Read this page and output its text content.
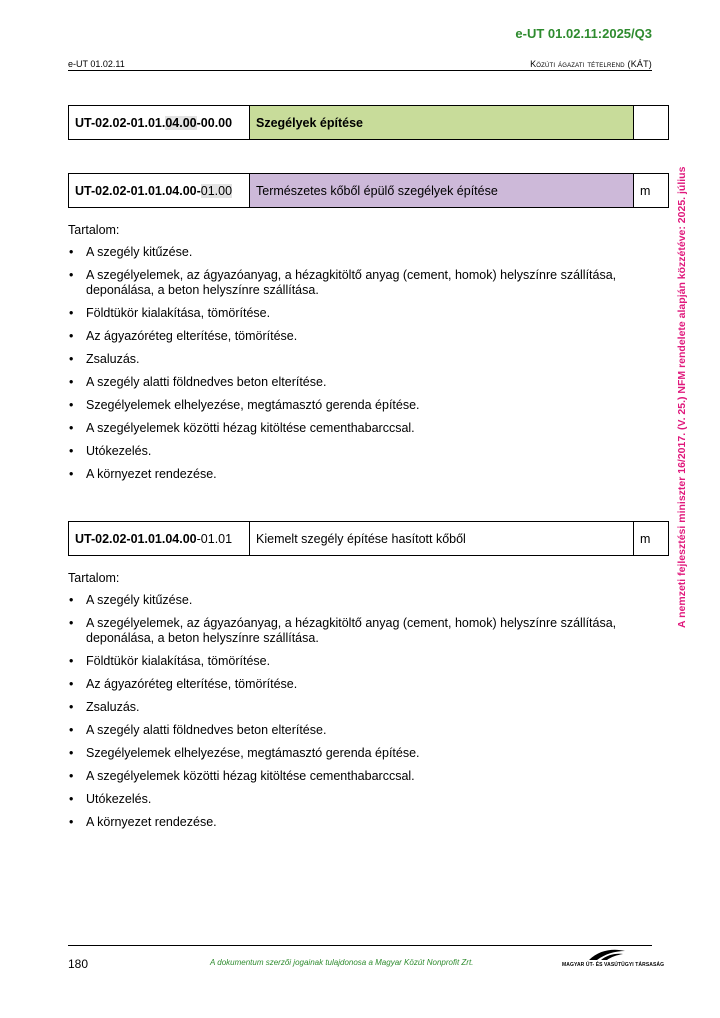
e-UT 01.02.11:2025/Q3
e-UT 01.02.11	Közúti ágazati tételrend (KÁT)
A nemzeti fejlesztési miniszter 16/2017. (V. 25.) NFM rendelete alapján közzétéve: 2025. július
UT-02.02-01.01.04.00-00.00	Szegélyek építése	
UT-02.02-01.01.04.00-01.00	Természetes kőből épülő szegélyek építése	m

Tartalom:

• A szegély kitűzése.
• A szegélyelemek, az ágyazóanyag, a hézagkitöltő anyag (cement, homok) helyszínre szállítása, deponálása, a beton helyszínre szállítása.
• Földtükör kialakítása, tömörítése.
• Az ágyazóréteg elterítése, tömörítése.
• Zsaluzás.
• A szegély alatti földnedves beton elterítése.
• Szegélyelemek elhelyezése, megtámasztó gerenda építése.
• A szegélyelemek közötti hézag kitöltése cementhabarccsal.
• Utókezelés.
• A környezet rendezése.
UT-02.02-01.01.04.00-01.01	Kiemelt szegély építése hasított kőből	m

Tartalom:

• A szegély kitűzése.
• A szegélyelemek, az ágyazóanyag, a hézagkitöltő anyag (cement, homok) helyszínre szállítása, deponálása, a beton helyszínre szállítása.
• Földtükör kialakítása, tömörítése.
• Az ágyazóréteg elterítése, tömörítése.
• Zsaluzás.
• A szegély alatti földnedves beton elterítése.
• Szegélyelemek elhelyezése, megtámasztó gerenda építése.
• A szegélyelemek közötti hézag kitöltése cementhabarccsal.
• Utókezelés.
• A környezet rendezése.
180	A dokumentum szerzői jogainak tulajdonosa a Magyar Közút Nonprofit Zrt.	MAGYAR ÚT- ÉS VASÚTÜGYI TÁRSASÁG
